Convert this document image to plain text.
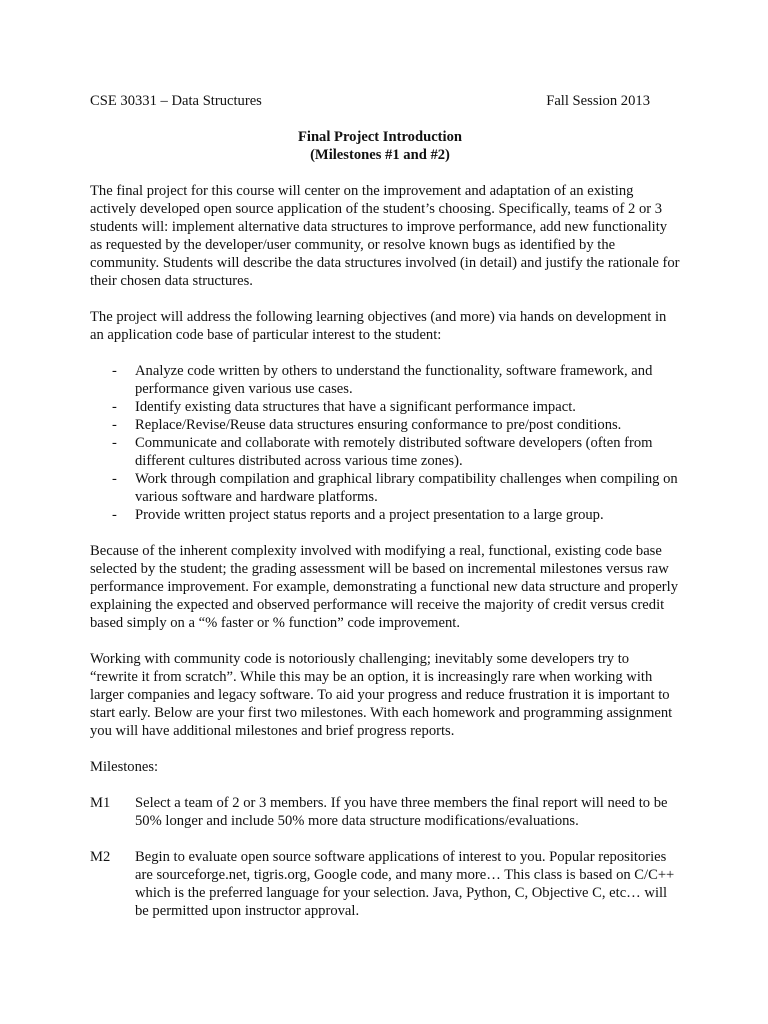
CSE 30331 – Data Structures	Fall Session 2013
Final Project Introduction
(Milestones #1 and #2)

The final project for this course will center on the improvement and adaptation of an existing actively developed open source application of the student’s choosing. Specifically, teams of 2 or 3 students will: implement alternative data structures to improve performance, add new functionality as requested by the developer/user community, or resolve known bugs as identified by the community. Students will describe the data structures involved (in detail) and justify the rationale for their chosen data structures.

The project will address the following learning objectives (and more) via hands on development in an application code base of particular interest to the student:

- Analyze code written by others to understand the functionality, software framework, and performance given various use cases.
- Identify existing data structures that have a significant performance impact.
- Replace/Revise/Reuse data structures ensuring conformance to pre/post conditions.
- Communicate and collaborate with remotely distributed software developers (often from different cultures distributed across various time zones).
- Work through compilation and graphical library compatibility challenges when compiling on various software and hardware platforms.
- Provide written project status reports and a project presentation to a large group.

Because of the inherent complexity involved with modifying a real, functional, existing code base selected by the student; the grading assessment will be based on incremental milestones versus raw performance improvement. For example, demonstrating a functional new data structure and properly explaining the expected and observed performance will receive the majority of credit versus credit based simply on a “% faster or % function” code improvement.

Working with community code is notoriously challenging; inevitably some developers try to “rewrite it from scratch”. While this may be an option, it is increasingly rare when working with larger companies and legacy software. To aid your progress and reduce frustration it is important to start early. Below are your first two milestones. With each homework and programming assignment you will have additional milestones and brief progress reports.

Milestones:

M1	Select a team of 2 or 3 members. If you have three members the final report will need to be 50% longer and include 50% more data structure modifications/evaluations.
M2	Begin to evaluate open source software applications of interest to you. Popular repositories are sourceforge.net, tigris.org, Google code, and many more… This class is based on C/C++ which is the preferred language for your selection. Java, Python, C, Objective C, etc… will be permitted upon instructor approval.
